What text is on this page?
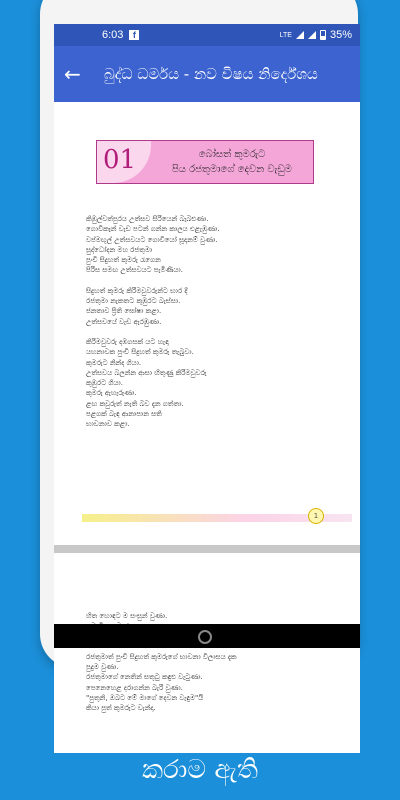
6:03	f	LTE	35%
←	බුද්ධ ධර්මය - නව විෂය නිර්දේශය
01	බෝසත් කුමරුට
පිය රජතුමාගේ දෙවන වැඩුම
කිඹුල්වත්පුරය උත්සව සිරියෙන් බැබළුණා.
ගොවිකෑන් වැඩ පටන් ගන්න කාලය එළැඹුණා.
වප්මඟුල් උත්සවයට ගොවියෝ සූදානම් වුණා.
සුද්ධෝදන මහ රජතුමා
පුංචි සිදුහත් කුමරු රැගෙන
පිරිස සමඟ උත්සවයට පැමිණියා.
සිදුහත් කුමරු කිරිමවුවරුන්ට භාර දී
රජතුමා නැකතට කුඹුරට බැස්සා.
ජනතාව ප්‍රීති ඝෝෂා කළා.
උත්සවයේ වැඩ ඇරඹුණා.
කිරිමවුවරු දඹගසක් යට හැඳා
යහනාවක පුංචි සිදුහත් කුමරු තැබුවා.
කුමරුට නින්ද ගියා.
උත්සවය බලන්න ආසා හිතුණු කිරිමවුවරු
කුඹුරට ගියා.
කුමරු ඇහැරුණා.
ළඟ කවුරුත් නැති බව දැන ගත්තා.
පළගක් බැඳ ආනාපාන සති
භාවනාව කළා.
1
හිත හොඳට ම සංසුන් වුණා.
රජතුමාත් පුංචි සිදුහත් කුමරුගේ භාවනා විලාසය දැක
පුදුම වුණා.
රජතුමාගේ නෙතින් සතුටු කඳුළු වැටුණා.
පෙනෙහෙළ දරාගන්න බැරි වුණා.
"පුතුනි, ඔබට මේ මාගේ දෙවන වැඳුම"යි
කියා පුත් කුමරුට වැන්දා.
එක පාරක් ඩවුන්ලෝඩ්
කරාම ඇති
